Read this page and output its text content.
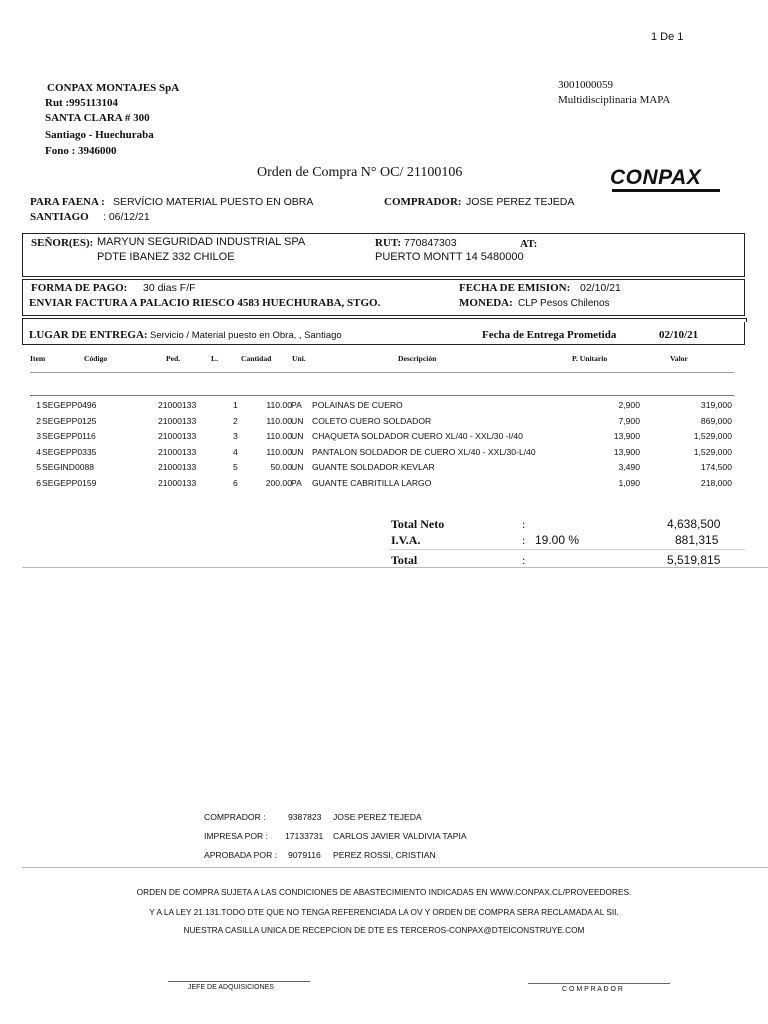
1 De 1
CONPAX MONTAJES SpA
Rut :995113104
SANTA CLARA # 300
Santiago - Huechuraba
Fono : 3946000
3001000059
Multidisciplinaria MAPA
Orden de Compra N° OC/ 21100106	CONPAX
PARA FAENA : SERVÍCIO MATERIAL PUESTO EN OBRA	COMPRADOR: JOSE PEREZ TEJEDA
SANTIAGO : 06/12/21
SEÑOR(ES): MARYUN SEGURIDAD INDUSTRIAL SPA
PDTE IBANEZ 332 CHILOE
RUT: 770847303	AT:
PUERTO MONTT 14 5480000
FORMA DE PAGO: 30 dias F/F
ENVIAR FACTURA A PALACIO RIESCO 4583 HUECHURABA, STGO.
FECHA DE EMISION: 02/10/21
MONEDA: CLP Pesos Chilenos
LUGAR DE ENTREGA: Servicio / Material puesto en Obra, , Santiago	Fecha de Entrega Prometida	02/10/21
Item	Código	Ped.	L.	Cantidad	Uni.	Descripción	P. Unitario	Valor
1 SEGEPP0496	21000133	1	110.00 PA POLAINAS DE CUERO	2,900	319,000
2 SEGEPP0125	21000133	2	110.00 UN COLETO CUERO SOLDADOR	7,900	869,000
3 SEGEPP0116	21000133	3	110.00 UN CHAQUETA SOLDADOR CUERO XL/40 - XXL/30 -I/40	13,900	1,529,000
4 SEGEPP0335	21000133	4	110.00 UN PANTALON SOLDADOR DE CUERO XL/40 - XXL/30-L/40	13,900	1,529,000
5 SEGIND0088	21000133	5	50.00 UN GUANTE SOLDADOR KEVLAR	3,490	174,500
6 SEGEPP0159	21000133	6	200.00 PA GUANTE CABRITILLA LARGO	1,090	218,000
Total Neto	:	4,638,500
I.V.A.	: 19.00 %	881,315
Total	:	5,519,815
COMPRADOR :	9387823 JOSE PEREZ TEJEDA
IMPRESA POR : 17133731 CARLOS JAVIER VALDIVIA TAPIA
APROBADA POR : 9079116 PEREZ ROSSI, CRISTIAN
ORDEN DE COMPRA SUJETA A LAS CONDICIONES DE ABASTECIMIENTO INDICADAS EN WWW.CONPAX.CL/PROVEEDORES.
Y A LA LEY 21.131.TODO DTE QUE NO TENGA REFERENCIADA LA OV Y ORDEN DE COMPRA SERA RECLAMADA AL SII.
NUESTRA CASILLA UNICA DE RECEPCION DE DTE ES TERCEROS-CONPAX@DTEICONSTRUYE.COM
JEFE DE ADQUISICIONES	C O M P R A D O R
